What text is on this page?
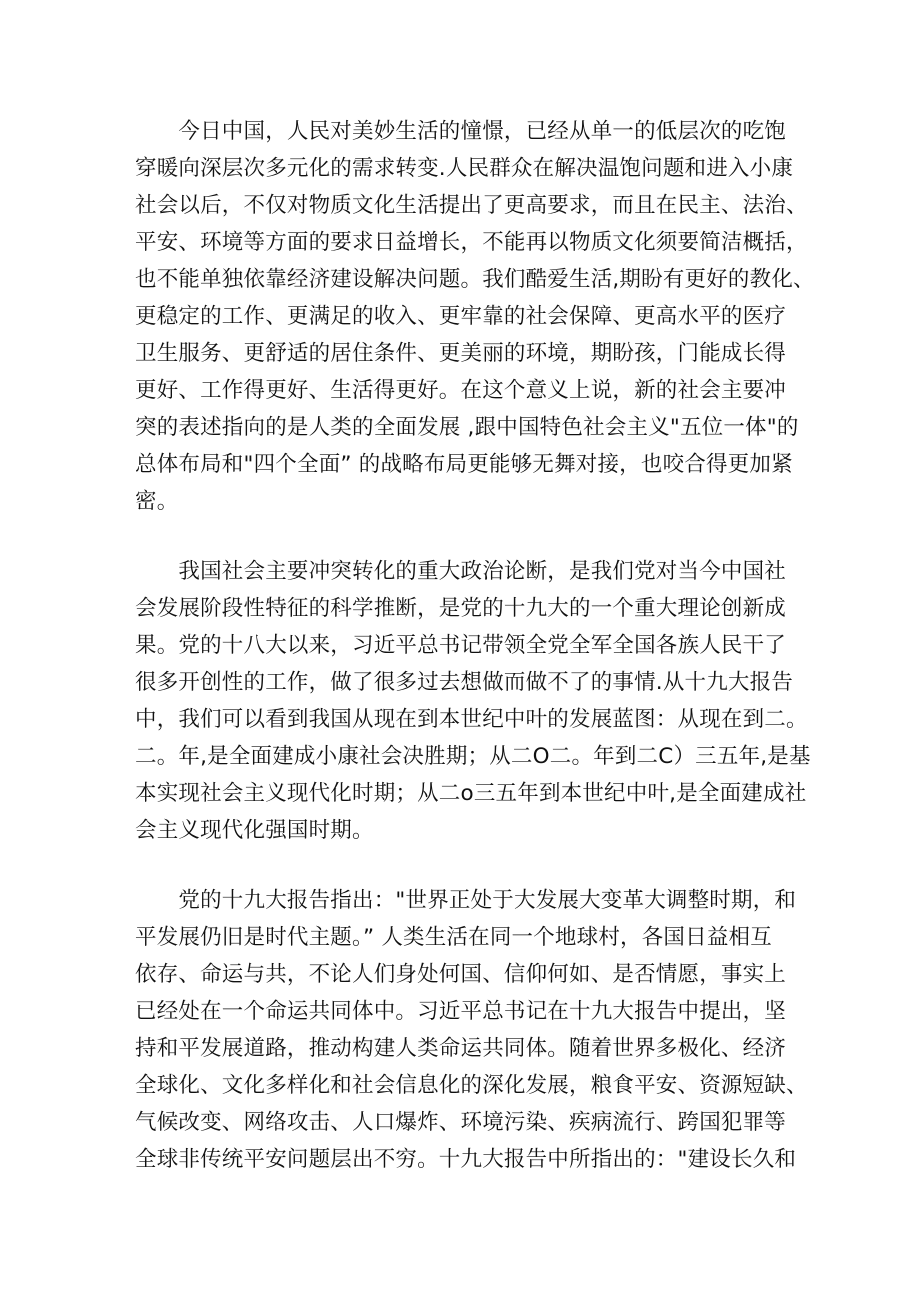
　　今日中国，人民对美妙生活的憧憬，已经从单一的低层次的吃饱
穿暖向深层次多元化的需求转变.人民群众在解决温饱问题和进入小康
社会以后，不仅对物质文化生活提出了更高要求，而且在民主、法治、
平安、环境等方面的要求日益增长，不能再以物质文化须要简洁概括，
也不能单独依靠经济建设解决问题。我们酷爱生活,期盼有更好的教化、
更稳定的工作、更满足的收入、更牢靠的社会保障、更高水平的医疗
卫生服务、更舒适的居住条件、更美丽的环境，期盼孩，门能成长得
更好、工作得更好、生活得更好。在这个意义上说，新的社会主要冲
突的表述指向的是人类的全面发展 ,跟中国特色社会主义"五位一体"的
总体布局和"四个全面” 的战略布局更能够无舞对接，也咬合得更加紧
密。

　　我国社会主要冲突转化的重大政治论断，是我们党对当今中国社
会发展阶段性特征的科学推断，是党的十九大的一个重大理论创新成
果。党的十八大以来，习近平总书记带领全党全军全国各族人民干了
很多开创性的工作，做了很多过去想做而做不了的事情.从十九大报告
中，我们可以看到我国从现在到本世纪中叶的发展蓝图：从现在到二。
二。年,是全面建成小康社会决胜期；从二O二。年到二C）三五年,是基
本实现社会主义现代化时期；从二o三五年到本世纪中叶,是全面建成社
会主义现代化强国时期。

　　党的十九大报告指出："世界正处于大发展大变革大调整时期，和
平发展仍旧是时代主题。” 人类生活在同一个地球村，各国日益相互
依存、命运与共，不论人们身处何国、信仰何如、是否情愿，事实上
已经处在一个命运共同体中。习近平总书记在十九大报告中提出，坚
持和平发展道路，推动构建人类命运共同体。随着世界多极化、经济
全球化、文化多样化和社会信息化的深化发展，粮食平安、资源短缺、
气候改变、网络攻击、人口爆炸、环境污染、疾病流行、跨国犯罪等
全球非传统平安问题层出不穷。十九大报告中所指出的："建设长久和
